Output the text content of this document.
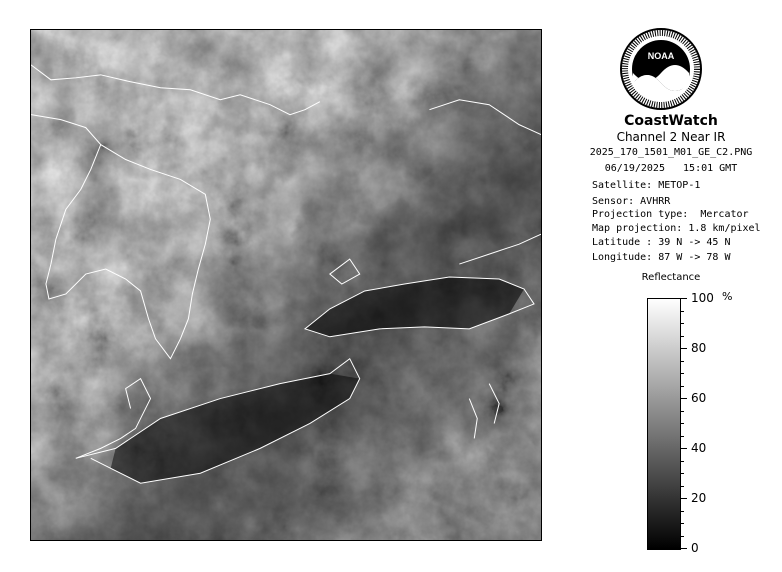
NOAA
CoastWatch
Channel 2 Near IR
2025_170_1501_M01_GE_C2.PNG
06/19/2025   15:01 GMT
Satellite: METOP-1
Sensor: AVHRR
Projection type:  Mercator
Map projection: 1.8 km/pixel
Latitude : 39 N -> 45 N
Longitude: 87 W -> 78 W
Reflectance
%
100
80
60
40
20
0
